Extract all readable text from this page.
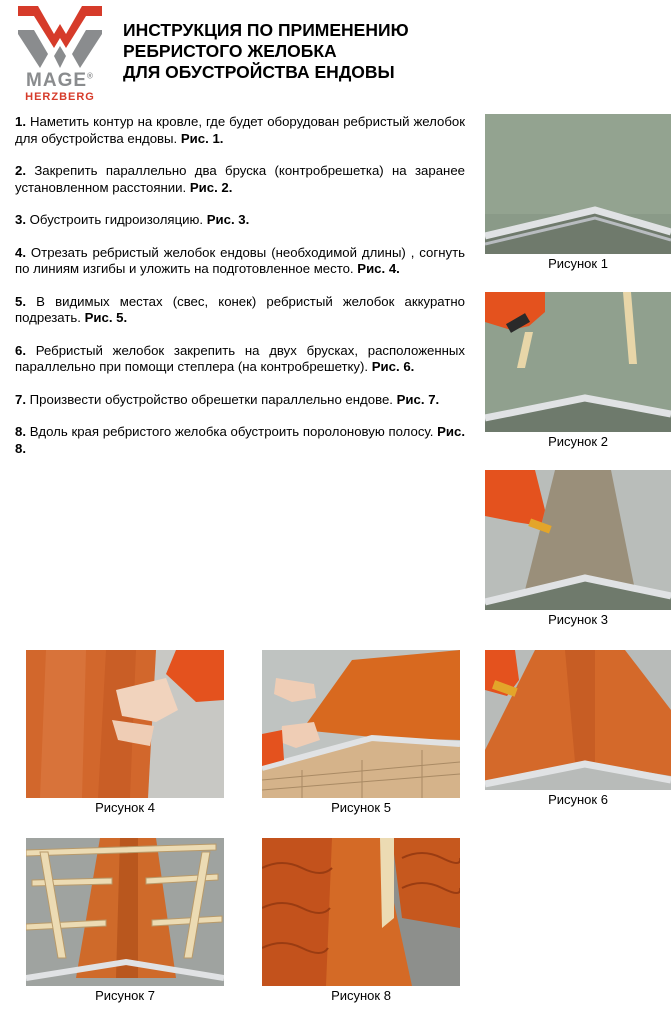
MAGE®
HERZBERG
ИНСТРУКЦИЯ ПО ПРИМЕНЕНИЮ
РЕБРИСТОГО ЖЕЛОБКА
ДЛЯ ОБУСТРОЙСТВА ЕНДОВЫ

1. Наметить контур на кровле, где будет оборудован ребристый желобок для обустройства ендовы. Рис. 1.

2. Закрепить параллельно два бруска (контробрешетка) на заранее установленном расстоянии. Рис. 2.

3. Обустроить гидроизоляцию. Рис. 3.

4. Отрезать ребристый желобок ендовы (необходимой длины) , согнуть по линиям изгибы и уложить на подготовленное место. Рис. 4.

5. В видимых местах (свес, конек) ребристый желобок аккуратно подрезать. Рис. 5.

6. Ребристый желобок закрепить на двух брусках, расположенных параллельно при помощи степлера (на контробрешетку). Рис. 6.

7. Произвести обустройство обрешетки параллельно ендове. Рис. 7.

8. Вдоль края ребристого желобка обустроить поролоновую полосу. Рис. 8.

Рисунок 1
Рисунок 2
Рисунок 3
Рисунок 4	Рисунок 5
Рисунок 6
Рисунок 7	Рисунок 8
